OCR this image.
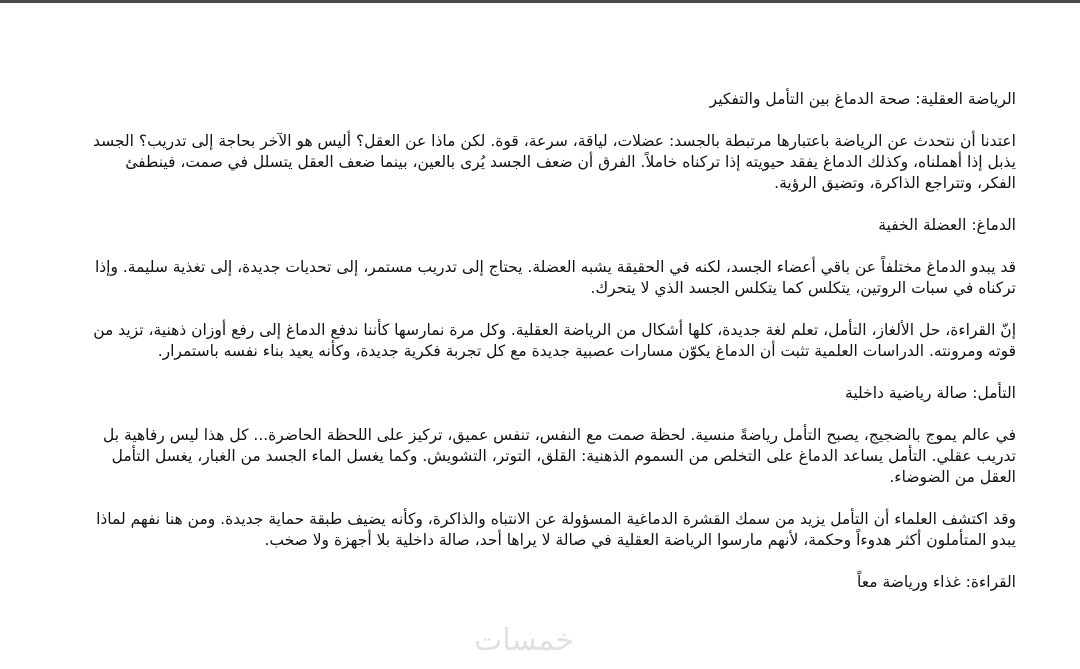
الرياضة العقلية: صحة الدماغ بين التأمل والتفكير

اعتدنا أن نتحدث عن الرياضة باعتبارها مرتبطة بالجسد: عضلات، لياقة، سرعة، قوة. لكن ماذا عن العقل؟ أليس هو الآخر بحاجة إلى تدريب؟ الجسد يذبل إذا أهملناه، وكذلك الدماغ يفقد حيويته إذا تركناه خاملاً. الفرق أن ضعف الجسد يُرى بالعين، بينما ضعف العقل يتسلل في صمت، فينطفئ الفكر، وتتراجع الذاكرة، وتضيق الرؤية.

الدماغ: العضلة الخفية

قد يبدو الدماغ مختلفاً عن باقي أعضاء الجسد، لكنه في الحقيقة يشبه العضلة. يحتاج إلى تدريب مستمر، إلى تحديات جديدة، إلى تغذية سليمة. وإذا تركناه في سبات الروتين، يتكلس كما يتكلس الجسد الذي لا يتحرك.

إنّ القراءة، حل الألغاز، التأمل، تعلم لغة جديدة، كلها أشكال من الرياضة العقلية. وكل مرة نمارسها كأننا ندفع الدماغ إلى رفع أوزان ذهنية، تزيد من قوته ومرونته. الدراسات العلمية تثبت أن الدماغ يكوّن مسارات عصبية جديدة مع كل تجربة فكرية جديدة، وكأنه يعيد بناء نفسه باستمرار.

التأمل: صالة رياضية داخلية

في عالم يموج بالضجيج، يصبح التأمل رياضةً منسية. لحظة صمت مع النفس، تنفس عميق، تركيز على اللحظة الحاضرة... كل هذا ليس رفاهية بل تدريب عقلي. التأمل يساعد الدماغ على التخلص من السموم الذهنية: القلق، التوتر، التشويش. وكما يغسل الماء الجسد من الغبار، يغسل التأمل العقل من الضوضاء.

وقد اكتشف العلماء أن التأمل يزيد من سمك القشرة الدماغية المسؤولة عن الانتباه والذاكرة، وكأنه يضيف طبقة حماية جديدة. ومن هنا نفهم لماذا يبدو المتأملون أكثر هدوءاً وحكمة، لأنهم مارسوا الرياضة العقلية في صالة لا يراها أحد، صالة داخلية بلا أجهزة ولا صخب.

القراءة: غذاء ورياضة معاً
خمسات
